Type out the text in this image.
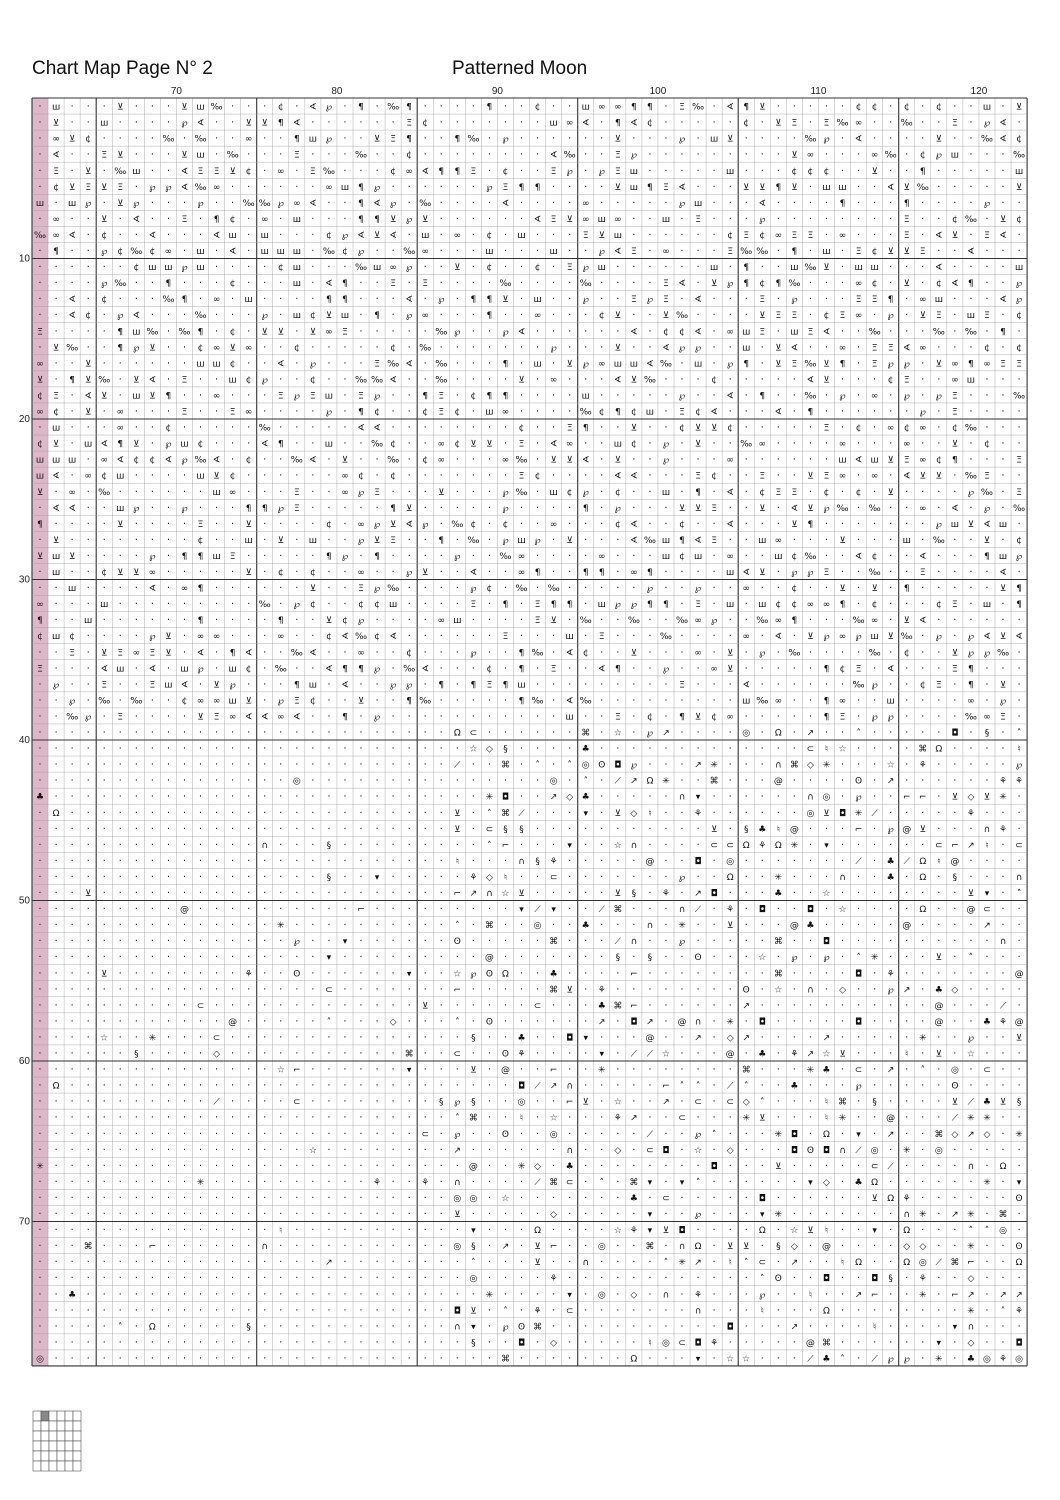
Chart Map Page N° 2	Patterned Moon
· ш · · · ⊻ · · · ⊻ ш ‰ · · · ¢ · ∢ ℘ · ¶ · ‰ ¶ · · · · ¶ · · ¢ · · ш ∞ ∞ ¶ ¶ · Ξ ‰ · ∢ ¶ ⊻ · · · · · ¢ ¢ · ¢ · ¢ · · ш · ⊻
· ⊻ · · ш · · · · ℘ ∢ · · ⊻ ⊻ ¶ ∢ · · · · · · Ξ ¢ · · · · · · · ш ∞ ∢ · ¶ ∢ ¢ · · · · · ¢ · ⊻ Ξ · Ξ ‰ ∞ · · ‰ · · Ξ · ℘ ∢ ·
· ∞ ⊻ ¢ · · · · ‰ · ‰ · · ∞ · · ¶ ш ℘ · · ⊻ Ξ ¶ · · ¶ ‰ · ℘ · · · · · · ⊻ · · · ℘ · ш ⊻ · · · · ‰ ℘ · ∢ · · · · ⊻ · · ‰ ∢ ¢
· ∢ · · Ξ ⊻ · · · ⊻ ш · ‰ · · · Ξ · · · ‰ · · ¢ · · · · · · · · ∢ ‰ · · Ξ ℘ · · · · · · · · · ⊻ ∞ · · · ∞ ‰ · ¢ ℘ ш · · · ‰
· Ξ · ⊻ · ‰ ш · · ∢ Ξ Ξ ⊻ ¢ · ∞ · Ξ ‰ · · · ¢ ∞ ∢ ¶ ¶ Ξ · ¢ · · Ξ ℘ · ℘ Ξ ш · · · · · ш · · · ¢ ¢ ¢ · · ⊻ · · ¶ · · · · · ш
· ¢ ⊻ Ξ ⊻ Ξ · ℘ ℘ ∢ ‰ ∞ · · · · · · ∞ ш ¶ ℘ · · · · · · ℘ Ξ ¶ ¶ · · · · ⊻ ш ¶ Ξ ∢ · · · ⊻ ⊻ ¶ ⊻ · ш ш · · ∢ ⊻ ‰ · · · · · ⊻
ш · ш ℘ · ⊻ ℘ · · · ℘ · · ‰ ‰ ℘ ∞ ∢ · · ¶ ∢ ℘ · ‰ · · · · ∢ · · · · ∞ · · · · · ℘ ш · · · ∢ · · · · ¶ · · · ¶ · · · · ℘ · ·
· ∞ · · ⊻ · ∢ · · Ξ · ¶ ¢ · ∞ · ш · · · ¶ ¶ ⊻ ℘ ⊻ · · · · · · ∢ Ξ ⊻ ∞ ш ∞ · · ш · Ξ · · · ℘ · · · · · · · · Ξ · · ¢ ‰ · ⊻ ¢
‰ ∞ ∢ · ¢ · · ∢ · · · ∢ ш · ш · · · ¢ ℘ ∢ ⊻ ∢ · ш · ∞ · ¢ · ш · · · Ξ ⊻ ш · · · · · · ¢ Ξ ¢ ∞ Ξ Ξ · ∞ · · · Ξ · ∢ ⊻ · Ξ ∢ ·
· ¶ · · ℘ ¢ ‰ ¢ ∞ · ш · ∢ · ш ш ш · ‰ ¢ ℘ · · ‰ ∞ · · · ш · · · ш · · ℘ ∢ Ξ · ∞ · · · Ξ ‰ ‰ · ¶ · ш · Ξ ¢ ⊻ ⊻ Ξ · · ∢ · · ·
· · · · · · ¢ ш ш ℘ ш · · · · ¢ ш · · · ‰ ш ∞ ℘ · · ⊻ · ¢ · · ¢ · Ξ ℘ ш · · · · · · ш · ¶ · · ш ‰ ⊻ · ш ш · · · ∢ · · · · ш
· · · · ℘ ‰ · · ¶ · · · ¢ · · · ш · ∢ ¶ · · Ξ · Ξ · · · · ‰ · · · · ‰ · · · · Ξ ∢ · ⊻ ℘ ¶ ¢ ¶ ‰ · · · ∞ ¢ · ⊻ · ¢ ∢ ¶ · · ℘
· · ∢ · ¢ · · · ‰ ¶ · ∞ · ш · · · · ¶ ¶ · · · ∢ · ℘ · ¶ ¶ ⊻ · ш · · ℘ · · Ξ ℘ Ξ · ∢ · · · Ξ · ℘ · · · Ξ Ξ ¶ · ∞ ш · · · ∢ ℘
· · ∢ ¢ · ℘ ∢ · · · ‰ · · · ℘ · ш ¢ ⊻ ш · ¶ · ℘ ∞ · · · ¶ · · ∞ · · · ¢ ⊻ · · ⊻ ‰ · · · · ⊻ Ξ Ξ · ¢ Ξ ∞ · ℘ · ⊻ Ξ · ш Ξ · ¢
Ξ · · · · ¶ ш ‰ · ‰ ¶ · ¢ · ⊻ ⊻ · ⊻ ∞ Ξ · · · · · ‰ ℘ · · ℘ ∢ · · · · · · ∢ · ¢ ¢ ∢ · ∞ ш Ξ · ш Ξ ∢ · · ‰ · · · ‰ · ‰ · ¶ ·
· ⊻ ‰ · · ¶ ℘ ⊻ · · ¢ ∞ ⊻ ∞ · · ¢ · · · · · ¢ · ‰ · · · · · · · ℘ · · · ⊻ · · ∢ ℘ ℘ · · ш · ⊻ ∢ · · ∞ · Ξ Ξ ∢ ∞ · · · ¢ · ¢
∞ · · ⊻ · · · · · · ш ш ¢ · · ∢ · ℘ · · · Ξ ‰ ∢ · ‰ · · · ¶ · ш · ⊻ ℘ ∞ ш ш ∢ ‰ · ш · ℘ ¶ · ⊻ Ξ ‰ ⊻ ¶ · Ξ ℘ ℘ · ⊻ ∞ ¶ ∞ Ξ Ξ
⊻ · ¶ ⊻ ‰ · ⊻ ∢ · Ξ · · ш ¢ ℘ · · ¢ · · ‰ ‰ ∢ · · ‰ · · · · ⊻ · ∞ · · · ∢ ⊻ ‰ · · · ¢ · · · · · ∢ ⊻ · · · ¢ Ξ · · ∞ ш · · ·
¢ Ξ · ∢ ⊻ · ш ⊻ ¶ · · ∞ · · · Ξ ℘ Ξ ш · Ξ ℘ · · ¶ Ξ · ¢ ¶ ¶ · · · · ш · · · · · ℘ · · ∢ · ¶ · · ‰ · ℘ · ∞ · ℘ · ℘ Ξ · · · ‰
∞ ¢ · ⊻ · ∞ · · · Ξ · · Ξ ∞ · · · · ℘ · ¶ ¢ · · ¢ Ξ ¢ · ш ∞ · · · · ‰ ¢ ¶ ¢ ш · Ξ ¢ ∢ · · · ∢ · ¶ · · · · · · ℘ · Ξ · · · ·
· ш · · · ∞ · · ¢ · · · · · ‰ · · · · · ∢ ∢ · · · · · · · · ¢ · · Ξ ¶ · · ⊻ · · ¢ ⊻ ⊻ ¢ · · · · · Ξ · ¢ · ∞ ¢ ∞ · ¢ ‰ · · ·
¢ ⊻ · ш ∢ ¶ ⊻ · ℘ ш ¢ · · · ∢ ¶ · · ш · · ‰ ¢ · · ∞ ¢ ⊻ ⊻ · Ξ · ∢ ∞ · · ш ¢ · ℘ · ⊻ · · ‰ ∞ · · · · ∞ · · · ∞ · · ⊻ · ¢ · ·
ш ш ш · ∞ ∢ ¢ ¢ ∢ ℘ ‰ ∢ · ¢ · · ‰ ∢ · ⊻ · · ‰ · ¢ ∞ · · · ∞ ‰ · ⊻ ⊻ ∢ · ⊻ · · ℘ · · · ∞ · · · · · · ш ∢ ш ⊻ Ξ ∞ ¢ ¶ · · · Ξ
ш ∢ · ∞ ¢ ш · · · · ш ⊻ ¢ · · · · · · ∞ ¢ · ¢ · · · · · · · Ξ ¢ · · · · ∢ ∢ · · · Ξ ¢ · · Ξ · · ⊻ Ξ ∞ · ∞ · ∢ ⊻ ⊻ · ‰ Ξ · ·
⊻ · ∞ · ‰ · · · · · · ш ∞ · · · Ξ · · ∞ ℘ Ξ · · · ⊻ · · · ℘ ‰ · ш ¢ ℘ · ¢ · · ш · ¶ · ∢ · ¢ Ξ Ξ · ¢ · ¢ · ⊻ · · · · ℘ ‰ · Ξ
· ∢ ∢ · · ш ℘ · · ℘ · · · ¶ ¶ ℘ Ξ · · · · · ¶ ⊻ · · · · · ℘ · · · · ¶ · ℘ · · · ⊻ ⊻ Ξ · · ⊻ · ∢ ⊻ ℘ ‰ · ‰ · · ∞ · ∢ · ℘ · ‰
¶ · · · · ⊻ · · · · Ξ · · ⊻ · · · · ¢ · ∞ ℘ ⊻ ∢ ℘ · ‰ ¢ · ¢ · · ∞ · · · ¢ ∢ · · ¢ · · ∢ · · · ⊻ ¶ · · · · · · · ℘ ш ⊻ ∢ ш ·
· ⊻ · · · · · · · · ¢ · · ш · ⊻ · ш · · ℘ ⊻ Ξ · · ¶ · ‰ · ℘ ш ℘ · ⊻ · · · ∢ ‰ ш ¶ ∢ Ξ · · ш ∞ · · · ⊻ · · · ш · ‰ · · ⊻ · ¢
⊻ ш ⊻ · · · · ℘ · ¶ ¶ ш Ξ · · · · · ¶ ℘ · ¶ · · · · ℘ · · ‰ ∞ · · · · ∞ · · · ш ¢ ш · ∞ · · ш ¢ ‰ · · ∢ ¢ · · ∢ · · · ¶ ш ℘
· ш · · ¢ ⊻ ⊻ ∞ · · · · · ⊻ · ¢ · ¢ · · ∞ · · ℘ ⊻ · · ∢ · · ∞ ¶ · · ¶ ¶ · ∞ ¶ · · · · ш ∢ ⊻ · ℘ ℘ Ξ · · ‰ · · Ξ · · · · ∢ ·
· · ш · · · · ∢ · ∞ ¶ · · · · · · ⊻ · · Ξ ℘ ‰ · · · · ℘ ¢ · ‰ · ‰ · · · · · ℘ · · ℘ · · ∞ · · ¢ · · ⊻ · ⊻ · ¶ · · · · · ⊻ ¶
∞ · · · ш · · · · · · · · · ‰ · ℘ ¢ · · ¢ ¢ ш · · · · Ξ · ¶ · Ξ ¶ ¶ · ш ℘ ℘ ¶ ¶ · Ξ · ш · ш ¢ ¢ ∞ ∞ ¶ · ¢ · · · ¢ Ξ · ш · ¶
¶ · · ш · · · · · · ¶ · · · · ¶ · · ⊻ ¢ ℘ · · · · ∞ ш · · · · Ξ ⊻ · ‰ · · ‰ · · ‰ ∞ ℘ · · ‰ ∞ ¶ · · · ‰ ∞ · ⊻ ∢ · · · · · ·
¢ ш ¢ · · · · ℘ ⊻ · ∞ ∞ · · · ∞ · · ¢ ∢ ‰ ¢ ∢ · · · · · · Ξ · · · ш · Ξ · · · ‰ · · · · ∞ · ∢ · ⊻ ℘ ∞ ℘ ш ⊻ ‰ · ℘ · ℘ ∢ ⊻ ∢
· · Ξ · ⊻ Ξ ∞ Ξ ⊻ · ∢ · ¶ ∢ · · ‰ ∢ · · ∞ · · ¢ · · · ℘ · · ¶ ‰ · ∢ ¢ · · ⊻ · · · ∞ · ⊻ · ℘ · ‰ · · · · ‰ · ¢ · · ⊻ ℘ ℘ ‰ ·
Ξ · · · ∢ ш · ∢ · ш ℘ · ш ¢ · ‰ · · ∢ ¶ ¶ ℘ · ‰ ∢ · · · ¢ · ¶ · Ξ · · ∢ ¶ · · ℘ · · ∞ ⊻ · · · · · ¶ ¢ Ξ · ∢ · · · Ξ ¶ · · ·
· ℘ · · Ξ · · Ξ ш ∢ · ⊻ ℘ · · · ¶ ш · ∢ · · ℘ ℘ · ¶ · ¶ Ξ ¶ ш · · · · · · · · · Ξ · · · ∢ · · · · · · ‰ ℘ · · ¢ Ξ · ¶ · ⊻ ·
· · ℘ · ‰ · ‰ · · ¢ ∞ ∞ ш ⊻ · ℘ Ξ ¢ · · ⊻ · · ¶ ‰ · · · · · ¶ ‰ · ∢ ‰ · · · · · · · · · ш ‰ ∞ · · ¶ ∞ · · ш · · · · ∞ · ℘ ·
· · ‰ ℘ · Ξ · · · · ⊻ Ξ ∞ ∢ ∢ ∞ ∢ · · ¶ · ℘ · · · · · · · · · · · ш · · Ξ · ¢ · ¶ ⊻ ¢ ∞ · · · · · ¶ Ξ · ℘ ℘ · · · · ‰ ∞ Ξ ·
· · · · · · · · · · · · · · · · · · · · · · · · · · Ω ⊂ · · · · · · ⌘ · ☆ · ℘ ↗ · · · · ◎ · Ω · ↗ · · ˄ · · · · · ◘ · § · ˄
· · · · · · · · · · · · · · · · · · · · · · · · · · · ☆ ◇ § · · · · ♣ · · · · · · · · · · · · · ⊂ ♮ ☆ · · · · ⌘ Ω · · · · ♮
· · · · · · · · · · · · · · · · · · · · · · · · · · ⟋ · · ⌘ · ˄ · ˄ ◎ ʘ ◘ ℘ · · · ↗ ✳ · · · ∩ ⌘ ◇ ✳ · · · ☆ · ⚘ · · · · · ℘
· · · · · · · · · · · · · · · · ◎ · · · · · · · · · · · · · · · ◎ · ˄ · ⟋ ↗ Ω ✳ · · ⌘ · · · @ · · · · ʘ · ↗ · · · · · · ⚘ ⚘
♣ · · · · · · · · · · · · · · · · · · · · · · · · · · · ✳ ◘ · · ↗ ◇ ♣ · · · · · ∩ ▾ · · · · · · ∩ ◎ · ℘ · · ⌐ ⌐ · ⊻ ◇ ⊻ ✳ ·
· Ω · · · · · · · · · · · · · · · · · · · · · · · · ⊻ · ˄ ⌘ ⟋ · · · ▾ · ⊻ ◇ ♮ · · ⚘ · · · · · · ◎ ⊻ ◘ ✳ ⟋ · · · · · ⚘ · · ·
· · · · · · · · · · · · · · · · · · · · · · · · · · ⊻ · ⊂ § § · · · · · · · · · · · ⊻ · § ♣ ♮ @ · · · ⌐ · ℘ @ ⊻ · · · ∩ ⚘ ·
· · · · · · · · · · · · · · ∩ · · · § · · · · · · · · · ˄ ⌐ · · · ▾ · · ☆ ∩ · · · · ⊂ ⊂ Ω ⚘ Ω ✳ · ▾ · · · · · · ⊂ ⌐ ↗ ♮ · ⊂
· · · · · · · · · · · · · · · · · · · · · · · · · · ♮ · · · ∩ § ⚘ · · · · · @ · · ◘ · ◎ · · · · · · · ⟋ · ♣ ⟋ Ω ♮ @ · · · ·
· · · · · · · · · · · · · · · · · · § · · ▾ · · · · · ⚘ ◇ ♮ · · ⊂ · · · · · · · ℘ · · Ω · · ✳ · · · ∩ · · ♣ · Ω · § · · · ∩
· · · ⊻ · · · · · · · · · · · · · · · · · · · · · · ⌐ ↗ ∩ ☆ ⊻ · · · · · ⊻ § · ⚘ · ↗ ◘ · · · ♣ · · ☆ · · · · · · · · ⊻ ▾ · ˄
· · · · · · · · · @ · · · · · · · · · · ⌐ · · · · · · · · · ▾ ⟋ ▾ · · ⟋ ⌘ · · · ∩ ⟋ · ⚘ · ◘ · · ◘ · ☆ · · · · Ω · · @ ⊂ · ·
· · · · · · · · · · · · · · · ✳ · · · · · · · · · · ˄ · ⌘ · · ◎ · · ♣ · · · ∩ · ✳ · · ⊻ · · · @ ♣ · · · · · @ · · · · ↗ · ·
· · · · · · · · · · · · · · · · ℘ · · ▾ · · · · · · ʘ · · · · · ⌘ · · · ⟋ ∩ · · ℘ · · · · · ⌘ · · ◘ · · · · · · · · · · ∩ ·
· · · · · · · · · · · · · · · · · · ▾ · · · · · · · · · @ · · · · · · · § · § · · ʘ · · · ☆ · ℘ · ℘ · ˄ ✳ · · · ⊻ · ˄ · · ·
· · · · ⊻ · · · · · · · · ⚘ · · ʘ · · · · · · ▾ · · ☆ ℘ ʘ Ω · · ♣ · · · · ⌐ · · · · · · · · ⌘ · · · · ◘ · ⚘ · · · · · · · @
· · · · · · · · · · · · · · · · · · ⊂ · · · · · · · ⌐ · · · · · ⌘ ⊻ · ⚘ · · · · · · · · ʘ · ☆ · ∩ · ◇ · · ℘ ↗ · ♣ ◇ · · · ·
· · · · · · · · · · ⊂ · · · · · · · · · · · · · ⊻ · · · · · · ⊂ · · · ♣ ⌘ ⌐ · · · · · · ↗ · · · · · · · · · · · @ · · · ⟋ ·
· · · · · · · · · · · · @ · · · · · ˄ · · · ◇ · · · ˄ · ʘ · · · · · · ↗ · ◘ ↗ · @ ∩ · ✳ · ◘ · · · · · ◘ · · · · @ · · ♣ ⚘ @
· · · · ☆ · · ✳ · · · ⊂ · · · · · · · · · · · · · · · § · · ♣ · · ◘ ▾ · · · @ · · ↗ · ◇ ↗ · · · · ↗ · · · · · ✳ · · ℘ · · ⊻
· · · · · · § · · · · ◇ · · · · · · · · · · · ⌘ · · ⊂ · · ʘ ⚘ · · · · ▾ · ⟋ ⟋ ☆ · · · @ · ♣ · ⚘ ↗ ☆ ⊻ · · · ♮ · ⊻ · ☆ · · ·
· · · · · · · · · · · · · · · ☆ ⌐ · · · · · · ▾ · · · ⊻ · @ · · ⌐ · · ✳ · · · · · · · · ⌘ · · · ✳ ♣ · ⊂ · ↗ · ˄ · ◎ · ⊂ · ·
· Ω · · · · · · · · · · · · · · · · · · · · · · · · · · · · ◘ ⟋ ↗ ∩ · · · · · ⌐ ˄ ˄ · ⟋ ˄ · · ♣ · · · ℘ · · · · · ʘ · · · ·
· · · · · · · · · · · ⟋ · · · · ⊂ · · · · · · · · § ℘ § · · ◎ · · ⌐ ⊻ · ☆ · · ↗ · ⊂ · ⊂ ◇ ˄ · · · ♮ ⌘ · § · · · · ⊻ ⟋ ♣ ⊻ §
· · · · · · · · · · · · · · · · · · · · · · · · · · ˄ ⌘ · · ♮ · ☆ · · · ⚘ ↗ · · ⊂ · · · ✳ ⊻ · · · ♮ ✳ · · @ · · · ⟋ ✳ ✳ · ·
· · · · · · · · · · · · · · · · · · · · · · · · ⊂ · ℘ · · ʘ · · ◎ · · · · · ⟋ · · ℘ ˄ · · · ✳ ◘ · Ω · ▾ · ↗ · · ⌘ ◇ ↗ ◇ · ✳
· · · · · · · · · · · · · · · · · ☆ · · · · · · · · ↗ · · · · · · ∩ · · ◇ · ⊂ ◘ · ☆ · ◇ · · · ◘ ʘ ◘ ∩ ⟋ ◎ · ✳ · ◎ · · · · ·
✳ · · · · · · · · · · · · · · · · · · · · · · · · · · @ · · ✳ ◇ · ♣ · · · · · · · · ◘ · · · ⊻ · · · · · ⊂ ⟋ · · · · ∩ · Ω ·
· · · · · · · · · · ✳ · · · · · · · · · · ⚘ · · ⚘ · ∩ · · · · ⟋ ⌘ ⊂ · ˄ · ⌘ ▾ · ▾ ˄ · · · · · · ▾ ◇ · ♣ Ω · · · · · · ✳ · ▾
· · · · · · · · · · · · · · · · · · · · · · · · · · ◎ ◎ · ☆ · · · · · · · ♣ · ⊂ · · · · · ◘ · · · · · · ⊻ Ω ⚘ · · · · · · ʘ
· · · · · · · · · · · · · · · · · · · · · · · · · · ⊻ · · · · · ◇ · · · · · ▾ · · ℘ · · · ▾ ✳ · · · · · · · ∩ ✳ · ↗ ✳ · ⌘ ·
· · · · · · · · · · · · · · · ♮ · · · · · · · · · · · ▾ · · · Ω · · · · ☆ ⚘ ▾ ⊻ ◘ · · · · Ω · ☆ ⊻ ♮ · · ▾ · Ω · · · ˄ ˄ ◎ ·
· · · ⌘ · · · ⌐ · · · · · · ∩ · · · · · · · · · · · ◎ § · ↗ · ⊻ ⌐ · · ◎ · · ⌘ · ∩ Ω · ⊻ ⊻ · § ◇ · @ · · · · ◇ ◇ · · ✳ · · ʘ
· · · · · · · · · · · · · · · · · · ↗ · · · · · · · · ˄ · · · ⊻ · · ∩ · · · · ˄ ✳ ↗ · ♮ ˄ ⊂ · ↗ · · ♮ Ω · · Ω ◎ ⟋ ⌘ ⌐ · · Ω
· · · · · · · · · · · · · · · · · · · · · · · · · · · ◎ · · · · ⚘ · · · · · · · · · · · · ˄ ʘ · · ◘ · · ◘ § · ⚘ · · ◇ · · ·
· · ♣ · · · · · · · · · · · · · · · · · · · · · · · · · ✳ · · · · ▾ · ◎ · ◇ · ∩ · ⚘ · · · ℘ · · ♮ · · ↗ ⌐ · · ✳ · ⌐ ↗ · ↗ ↗
· · · · · · · · · · · · · · · · · · · · · · · · · · ◘ ⊻ · ˄ · ⚘ · ⊂ · · · · · · · ∩ · · · ♮ · · · Ω · · · · · · · · ✳ · ˄ ⚘
· · · · · ˄ · Ω · · · · · § · · · · · · · · · · · · ∩ ▾ · ℘ ʘ ⌘ · · · · · · · · · · · ◘ · · · ↗ · · · · ♮ · · · · ▾ ∩ · · ·
· · · · · · · · · · · · · · · · · · · · · · · · · · · § · · ◘ · ◇ · · · · · ♮ ◎ ⊂ ◘ ⚘ · · · · · @ ⌘ · · · · · · ▾ · ◇ · · ◘
◎ · · · · · · · · · · · · · · · · · · · · · · · · · · · · ⌘ · · · · · · · Ω · · · ▾ · ☆ ☆ · · · ⟋ ♣ ˄ · ⟋ ℘ ℘ · ✳ · ♣ ◎ ⚘ ◎
70	80	90	100	110	120
10
20
30
40
50
60
70
